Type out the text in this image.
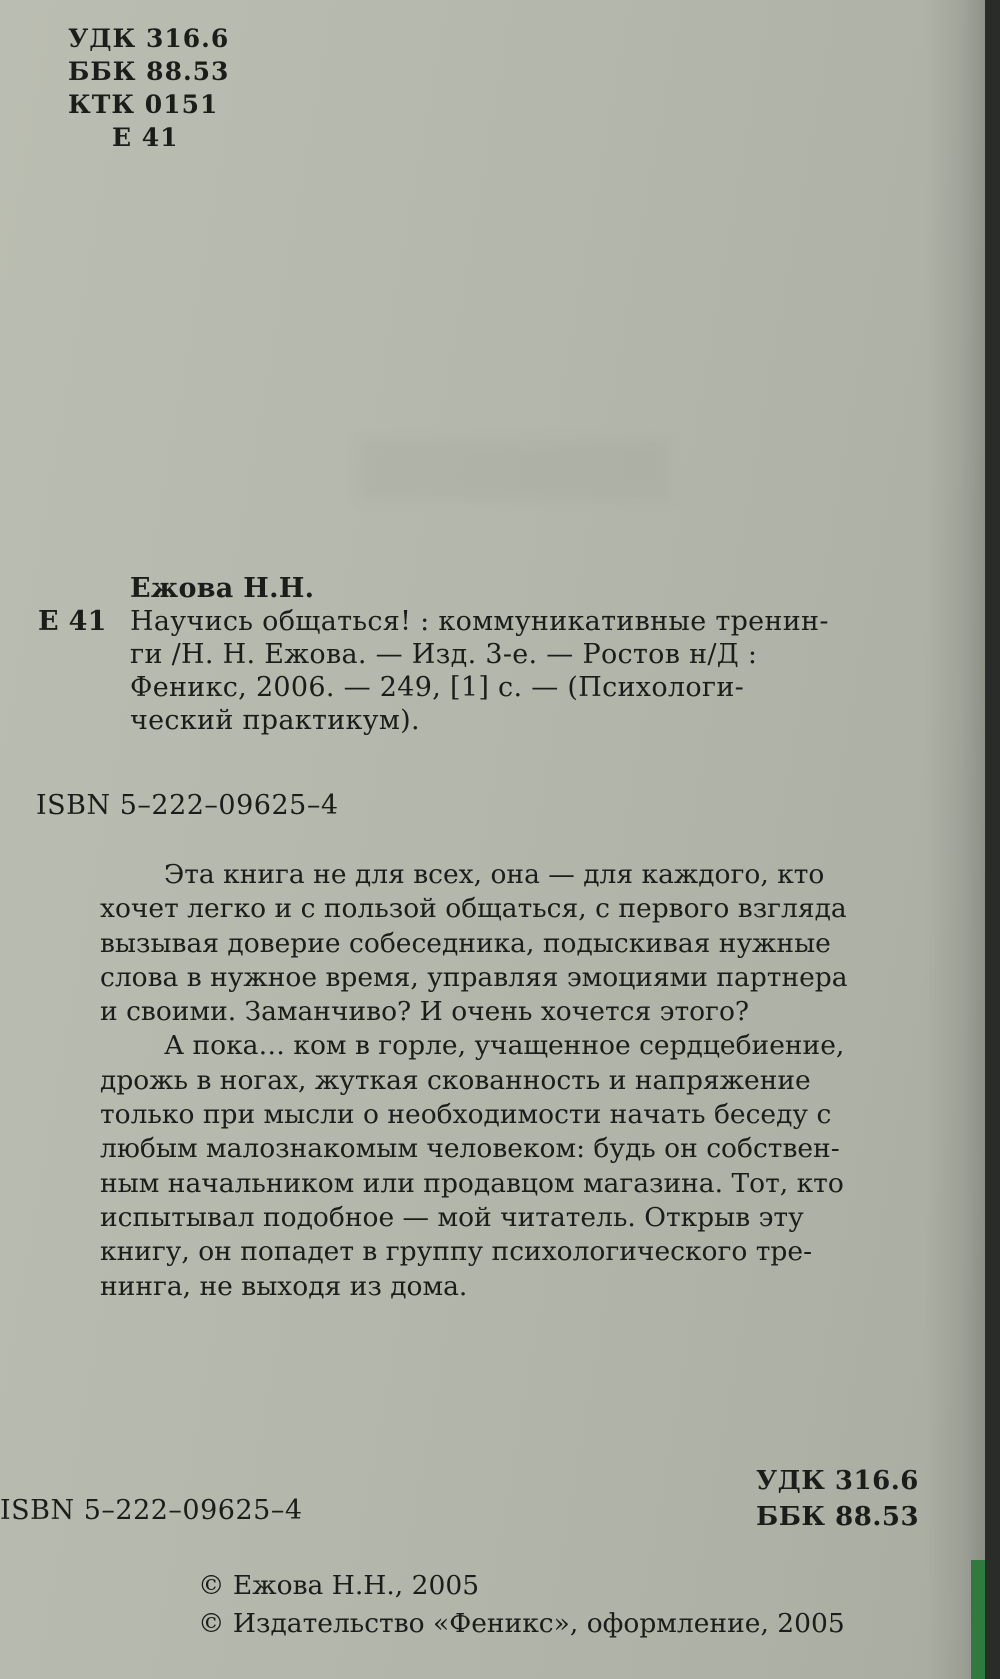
УДК 316.6
ББК 88.53
КТК 0151
Е 41
Ежова Н.Н.
Е 41 Научись общаться! : коммуникативные тренин-
ги /Н. Н. Ежова. — Изд. 3-е. — Ростов н/Д :
Феникс, 2006. — 249, [1] с. — (Психологи-
ческий практикум).
ISBN 5–222–09625–4
Эта книга не для всех, она — для каждого, кто
хочет легко и с пользой общаться, с первого взгляда
вызывая доверие собеседника, подыскивая нужные
слова в нужное время, управляя эмоциями партнера
и своими. Заманчиво? И очень хочется этого?
А пока… ком в горле, учащенное сердцебиение,
дрожь в ногах, жуткая скованность и напряжение
только при мысли о необходимости начать беседу с
любым малознакомым человеком: будь он собствен-
ным начальником или продавцом магазина. Тот, кто
испытывал подобное — мой читатель. Открыв эту
книгу, он попадет в группу психологического тре-
нинга, не выходя из дома.
ISBN 5–222–09625–4
УДК 316.6
ББК 88.53
© Ежова Н.Н., 2005
© Издательство «Феникс», оформление, 2005
